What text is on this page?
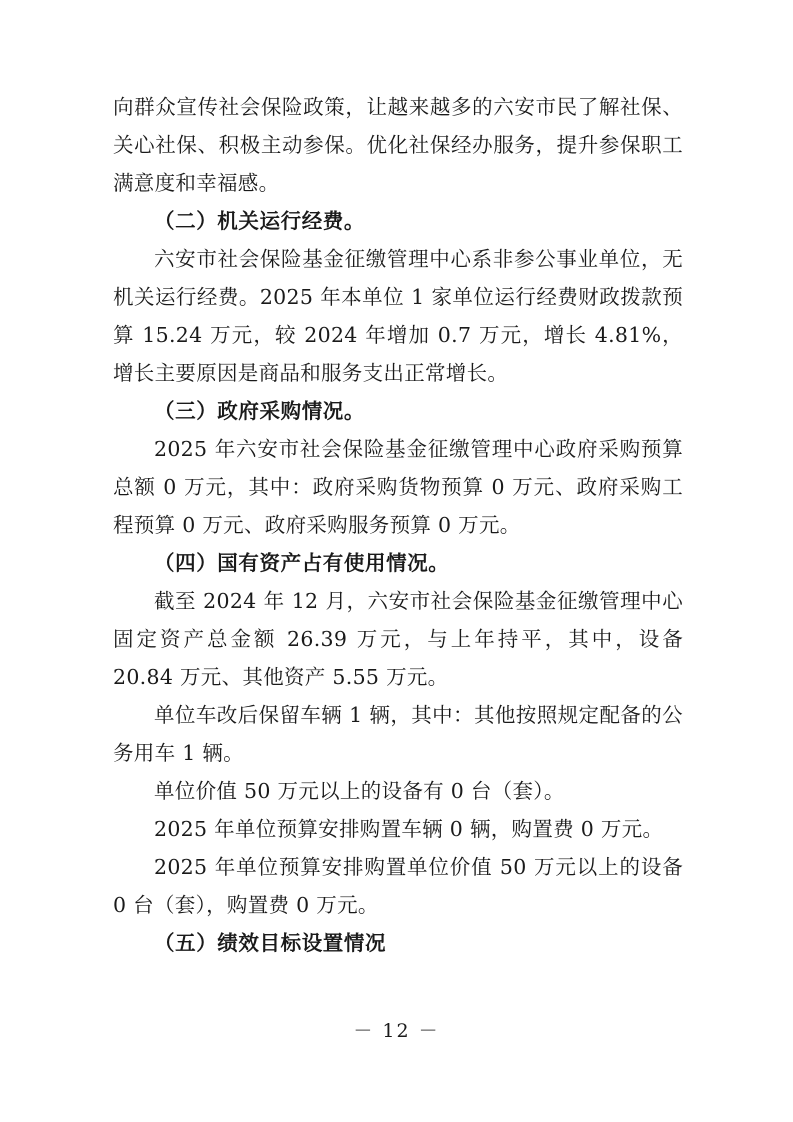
向群众宣传社会保险政策，让越来越多的六安市民了解社保、关心社保、积极主动参保。优化社保经办服务，提升参保职工满意度和幸福感。

（二）机关运行经费。

六安市社会保险基金征缴管理中心系非参公事业单位，无机关运行经费。2025 年本单位 1 家单位运行经费财政拨款预算 15.24 万元，较 2024 年增加 0.7 万元，增长 4.81%，增长主要原因是商品和服务支出正常增长。

（三）政府采购情况。

2025 年六安市社会保险基金征缴管理中心政府采购预算总额 0 万元，其中：政府采购货物预算 0 万元、政府采购工程预算 0 万元、政府采购服务预算 0 万元。

（四）国有资产占有使用情况。

截至 2024 年 12 月，六安市社会保险基金征缴管理中心固定资产总金额 26.39 万元，与上年持平，其中，设备 20.84 万元、其他资产 5.55 万元。

单位车改后保留车辆 1 辆，其中：其他按照规定配备的公务用车 1 辆。

单位价值 50 万元以上的设备有 0 台（套）。

2025 年单位预算安排购置车辆 0 辆，购置费 0 万元。

2025 年单位预算安排购置单位价值 50 万元以上的设备 0 台（套），购置费 0 万元。

（五）绩效目标设置情况

－ 12 －
